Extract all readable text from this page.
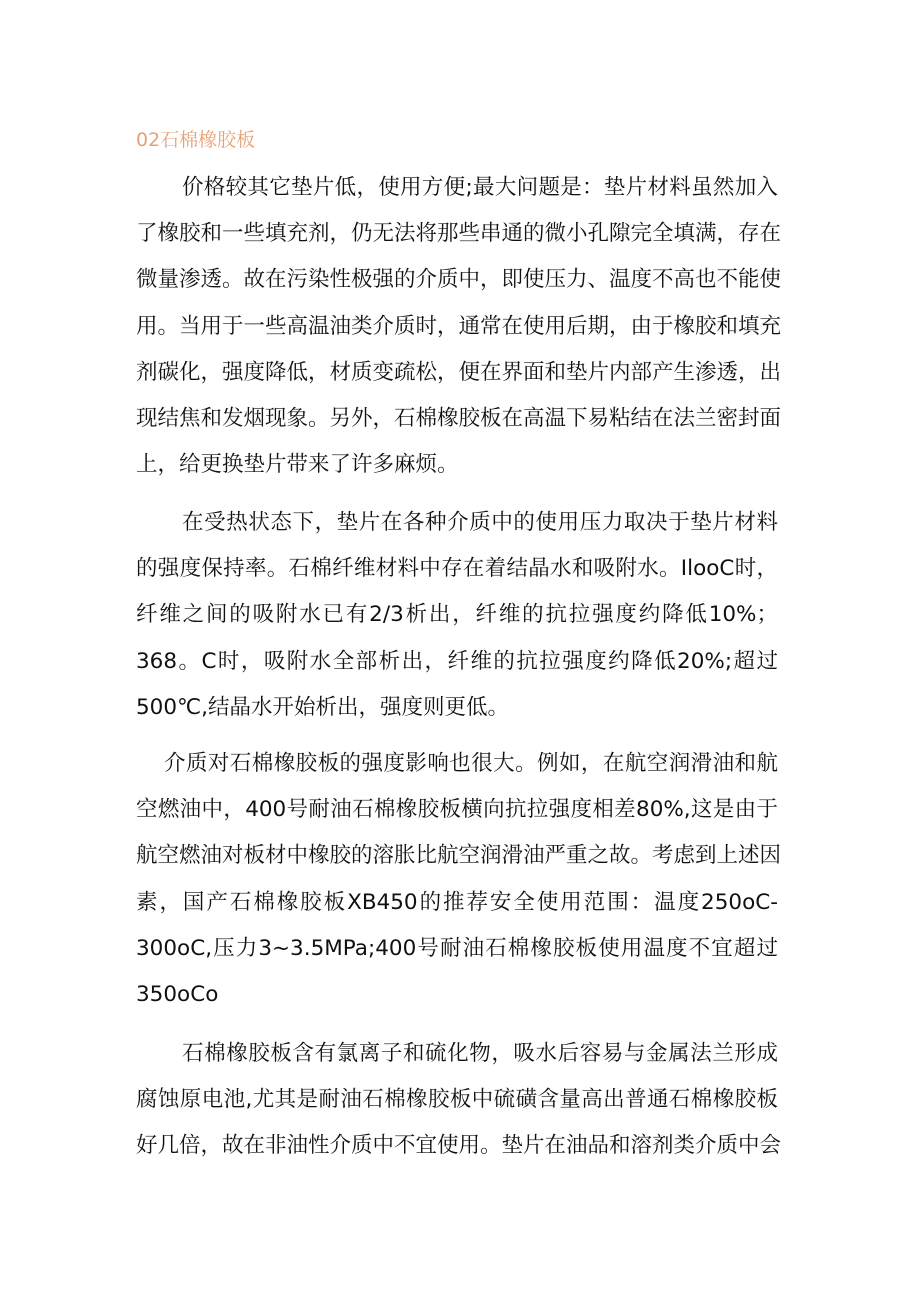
02石棉橡胶板
价格较其它垫片低，使用方便;最大问题是：垫片材料虽然加入
了橡胶和一些填充剂，仍无法将那些串通的微小孔隙完全填满，存在
微量渗透。故在污染性极强的介质中，即使压力、温度不高也不能使
用。当用于一些高温油类介质时，通常在使用后期，由于橡胶和填充
剂碳化，强度降低，材质变疏松，便在界面和垫片内部产生渗透，出
现结焦和发烟现象。另外，石棉橡胶板在高温下易粘结在法兰密封面
上，给更换垫片带来了许多麻烦。
在受热状态下，垫片在各种介质中的使用压力取决于垫片材料
的强度保持率。石棉纤维材料中存在着结晶水和吸附水。IlooC时，
纤维之间的吸附水已有2/3析出，纤维的抗拉强度约降低10%；
368。C时，吸附水全部析出，纤维的抗拉强度约降低20%;超过
500℃,结晶水开始析出，强度则更低。
介质对石棉橡胶板的强度影响也很大。例如，在航空润滑油和航
空燃油中，400号耐油石棉橡胶板横向抗拉强度相差80%,这是由于
航空燃油对板材中橡胶的溶胀比航空润滑油严重之故。考虑到上述因
素，国产石棉橡胶板XB450的推荐安全使用范围：温度250oC-
300oC,压力3~3.5MPa;400号耐油石棉橡胶板使用温度不宜超过
350oCo
石棉橡胶板含有氯离子和硫化物，吸水后容易与金属法兰形成
腐蚀原电池,尤其是耐油石棉橡胶板中硫磺含量高出普通石棉橡胶板
好几倍，故在非油性介质中不宜使用。垫片在油品和溶剂类介质中会
